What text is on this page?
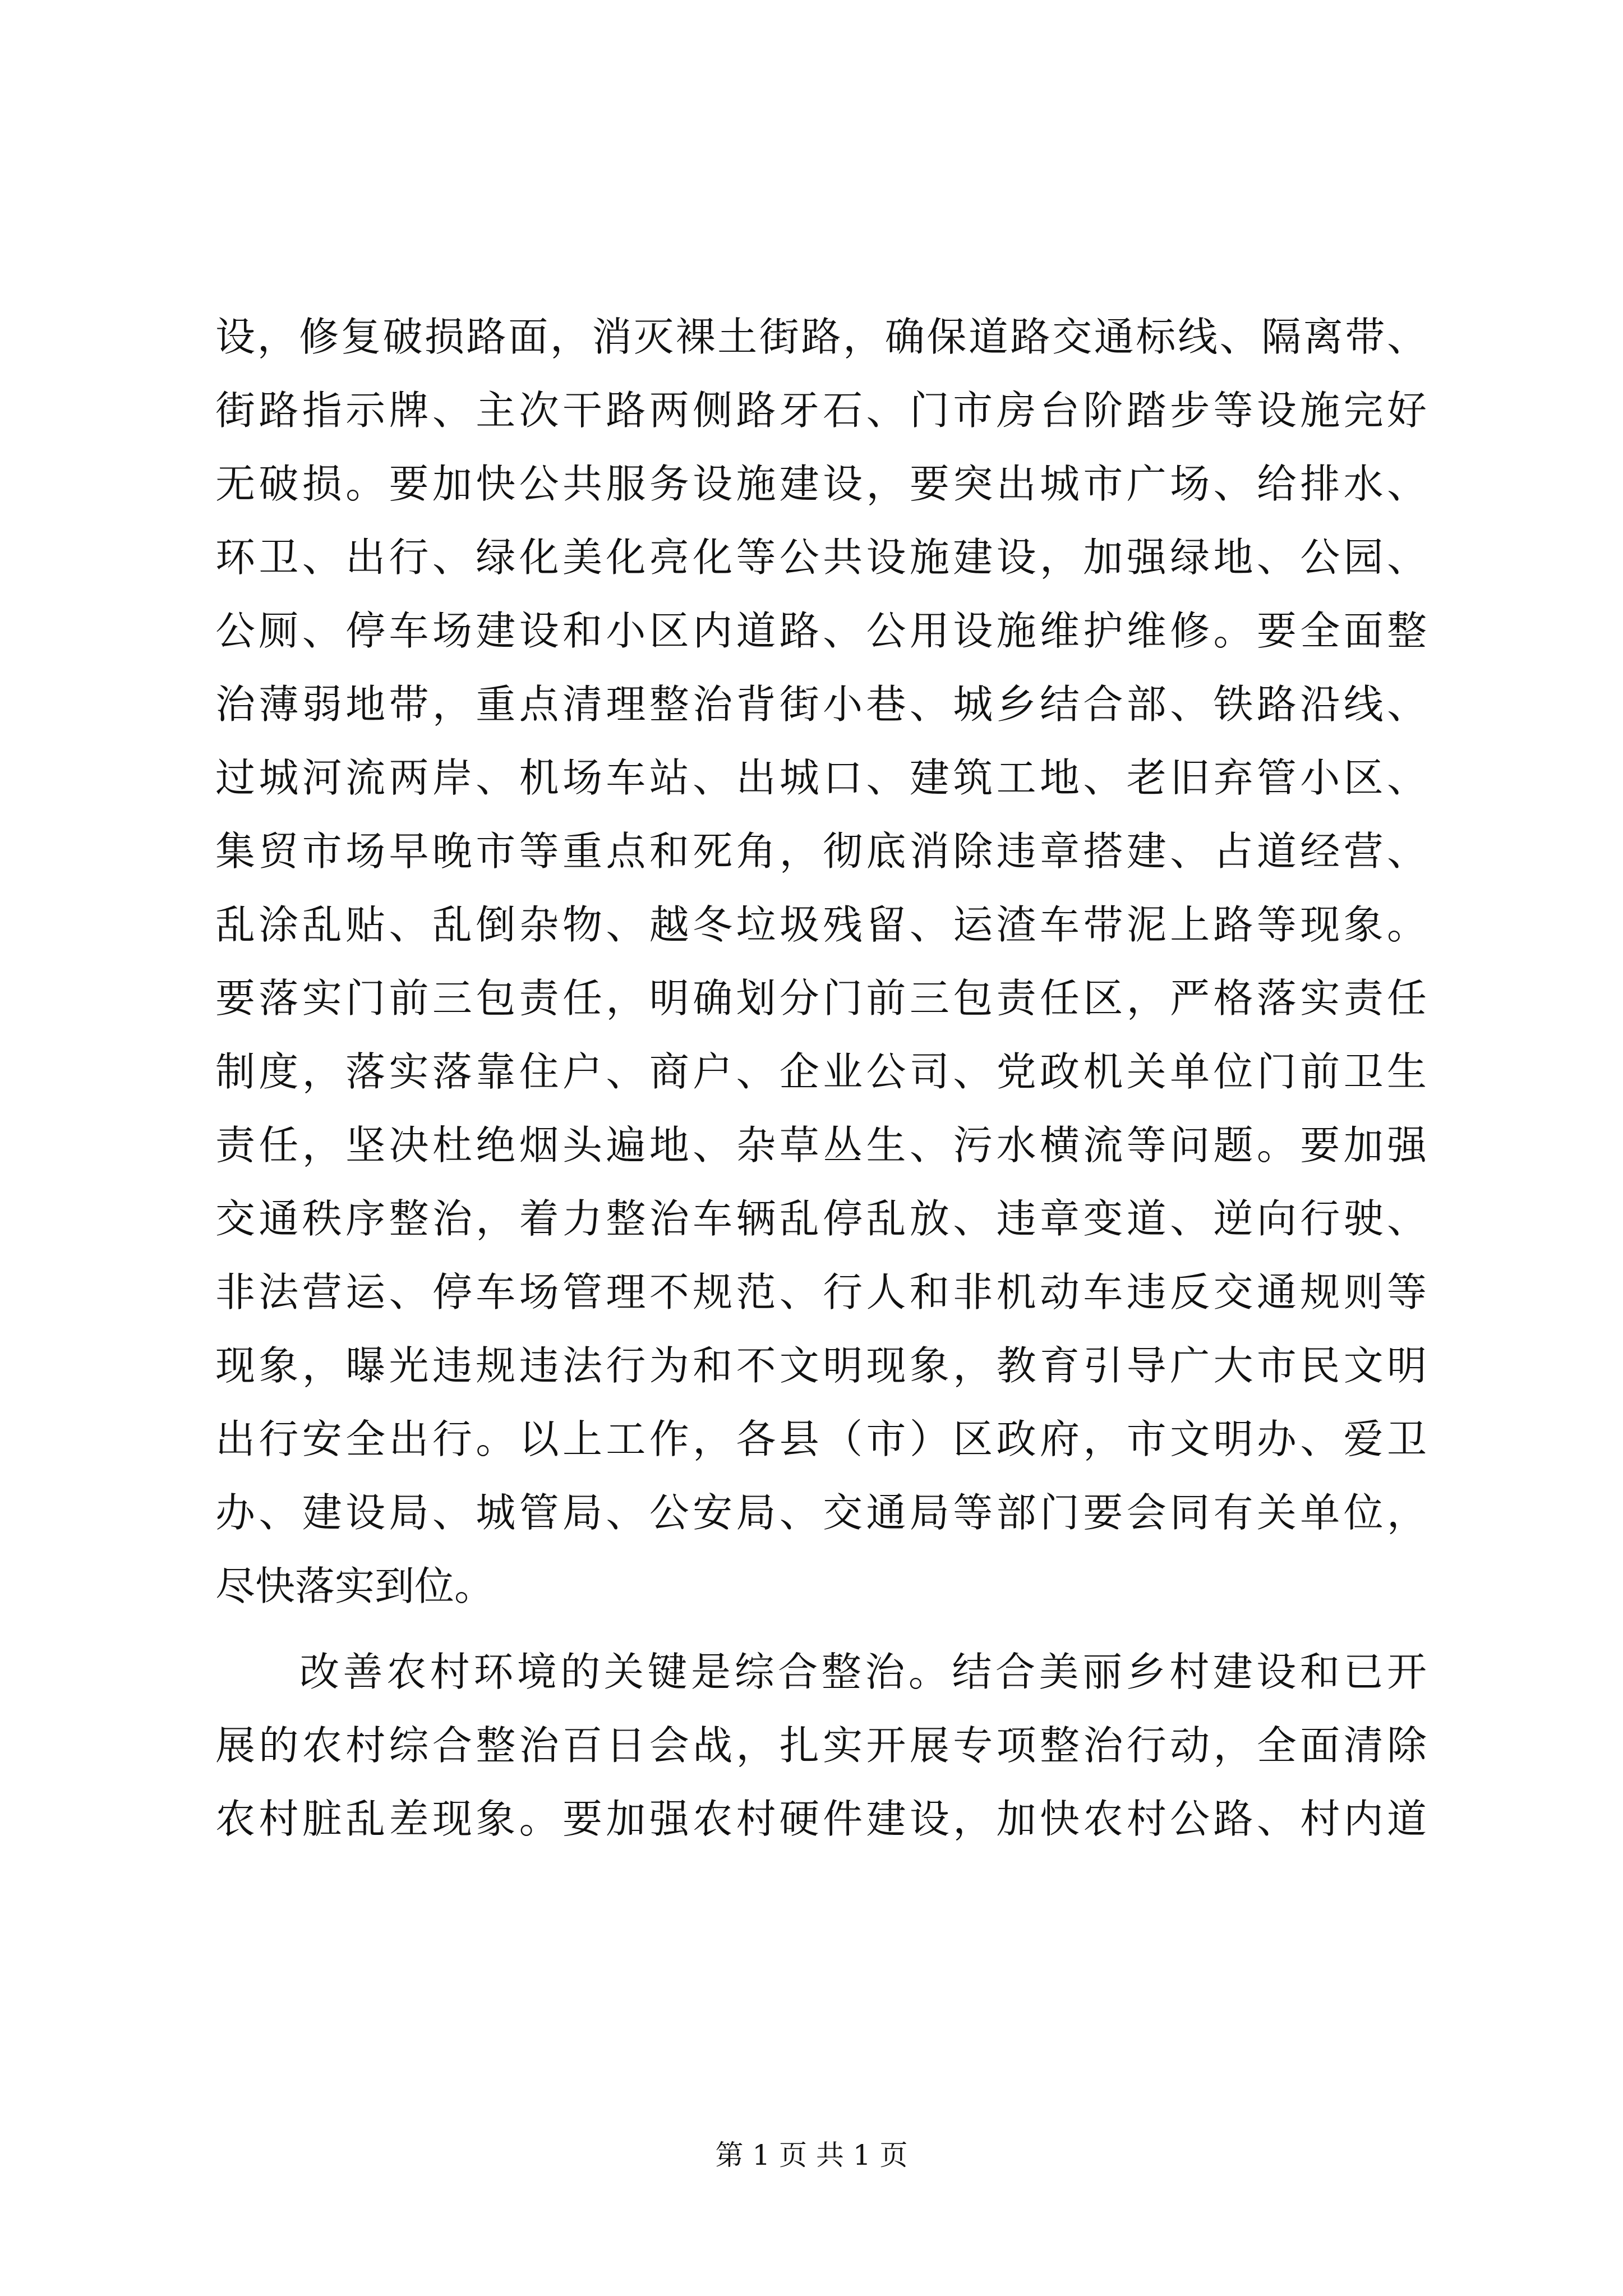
设，修复破损路面，消灭裸土街路，确保道路交通标线、隔离带、
街路指示牌、主次干路两侧路牙石、门市房台阶踏步等设施完好
无破损。要加快公共服务设施建设，要突出城市广场、给排水、
环卫、出行、绿化美化亮化等公共设施建设，加强绿地、公园、
公厕、停车场建设和小区内道路、公用设施维护维修。要全面整
治薄弱地带，重点清理整治背街小巷、城乡结合部、铁路沿线、
过城河流两岸、机场车站、出城口、建筑工地、老旧弃管小区、
集贸市场早晚市等重点和死角，彻底消除违章搭建、占道经营、
乱涂乱贴、乱倒杂物、越冬垃圾残留、运渣车带泥上路等现象。
要落实门前三包责任，明确划分门前三包责任区，严格落实责任
制度，落实落靠住户、商户、企业公司、党政机关单位门前卫生
责任，坚决杜绝烟头遍地、杂草丛生、污水横流等问题。要加强
交通秩序整治，着力整治车辆乱停乱放、违章变道、逆向行驶、
非法营运、停车场管理不规范、行人和非机动车违反交通规则等
现象，曝光违规违法行为和不文明现象，教育引导广大市民文明
出行安全出行。以上工作，各县（市）区政府，市文明办、爱卫
办、建设局、城管局、公安局、交通局等部门要会同有关单位，
尽快落实到位。
改善农村环境的关键是综合整治。结合美丽乡村建设和已开
展的农村综合整治百日会战，扎实开展专项整治行动，全面清除
农村脏乱差现象。要加强农村硬件建设，加快农村公路、村内道
第 1 页 共 1 页
